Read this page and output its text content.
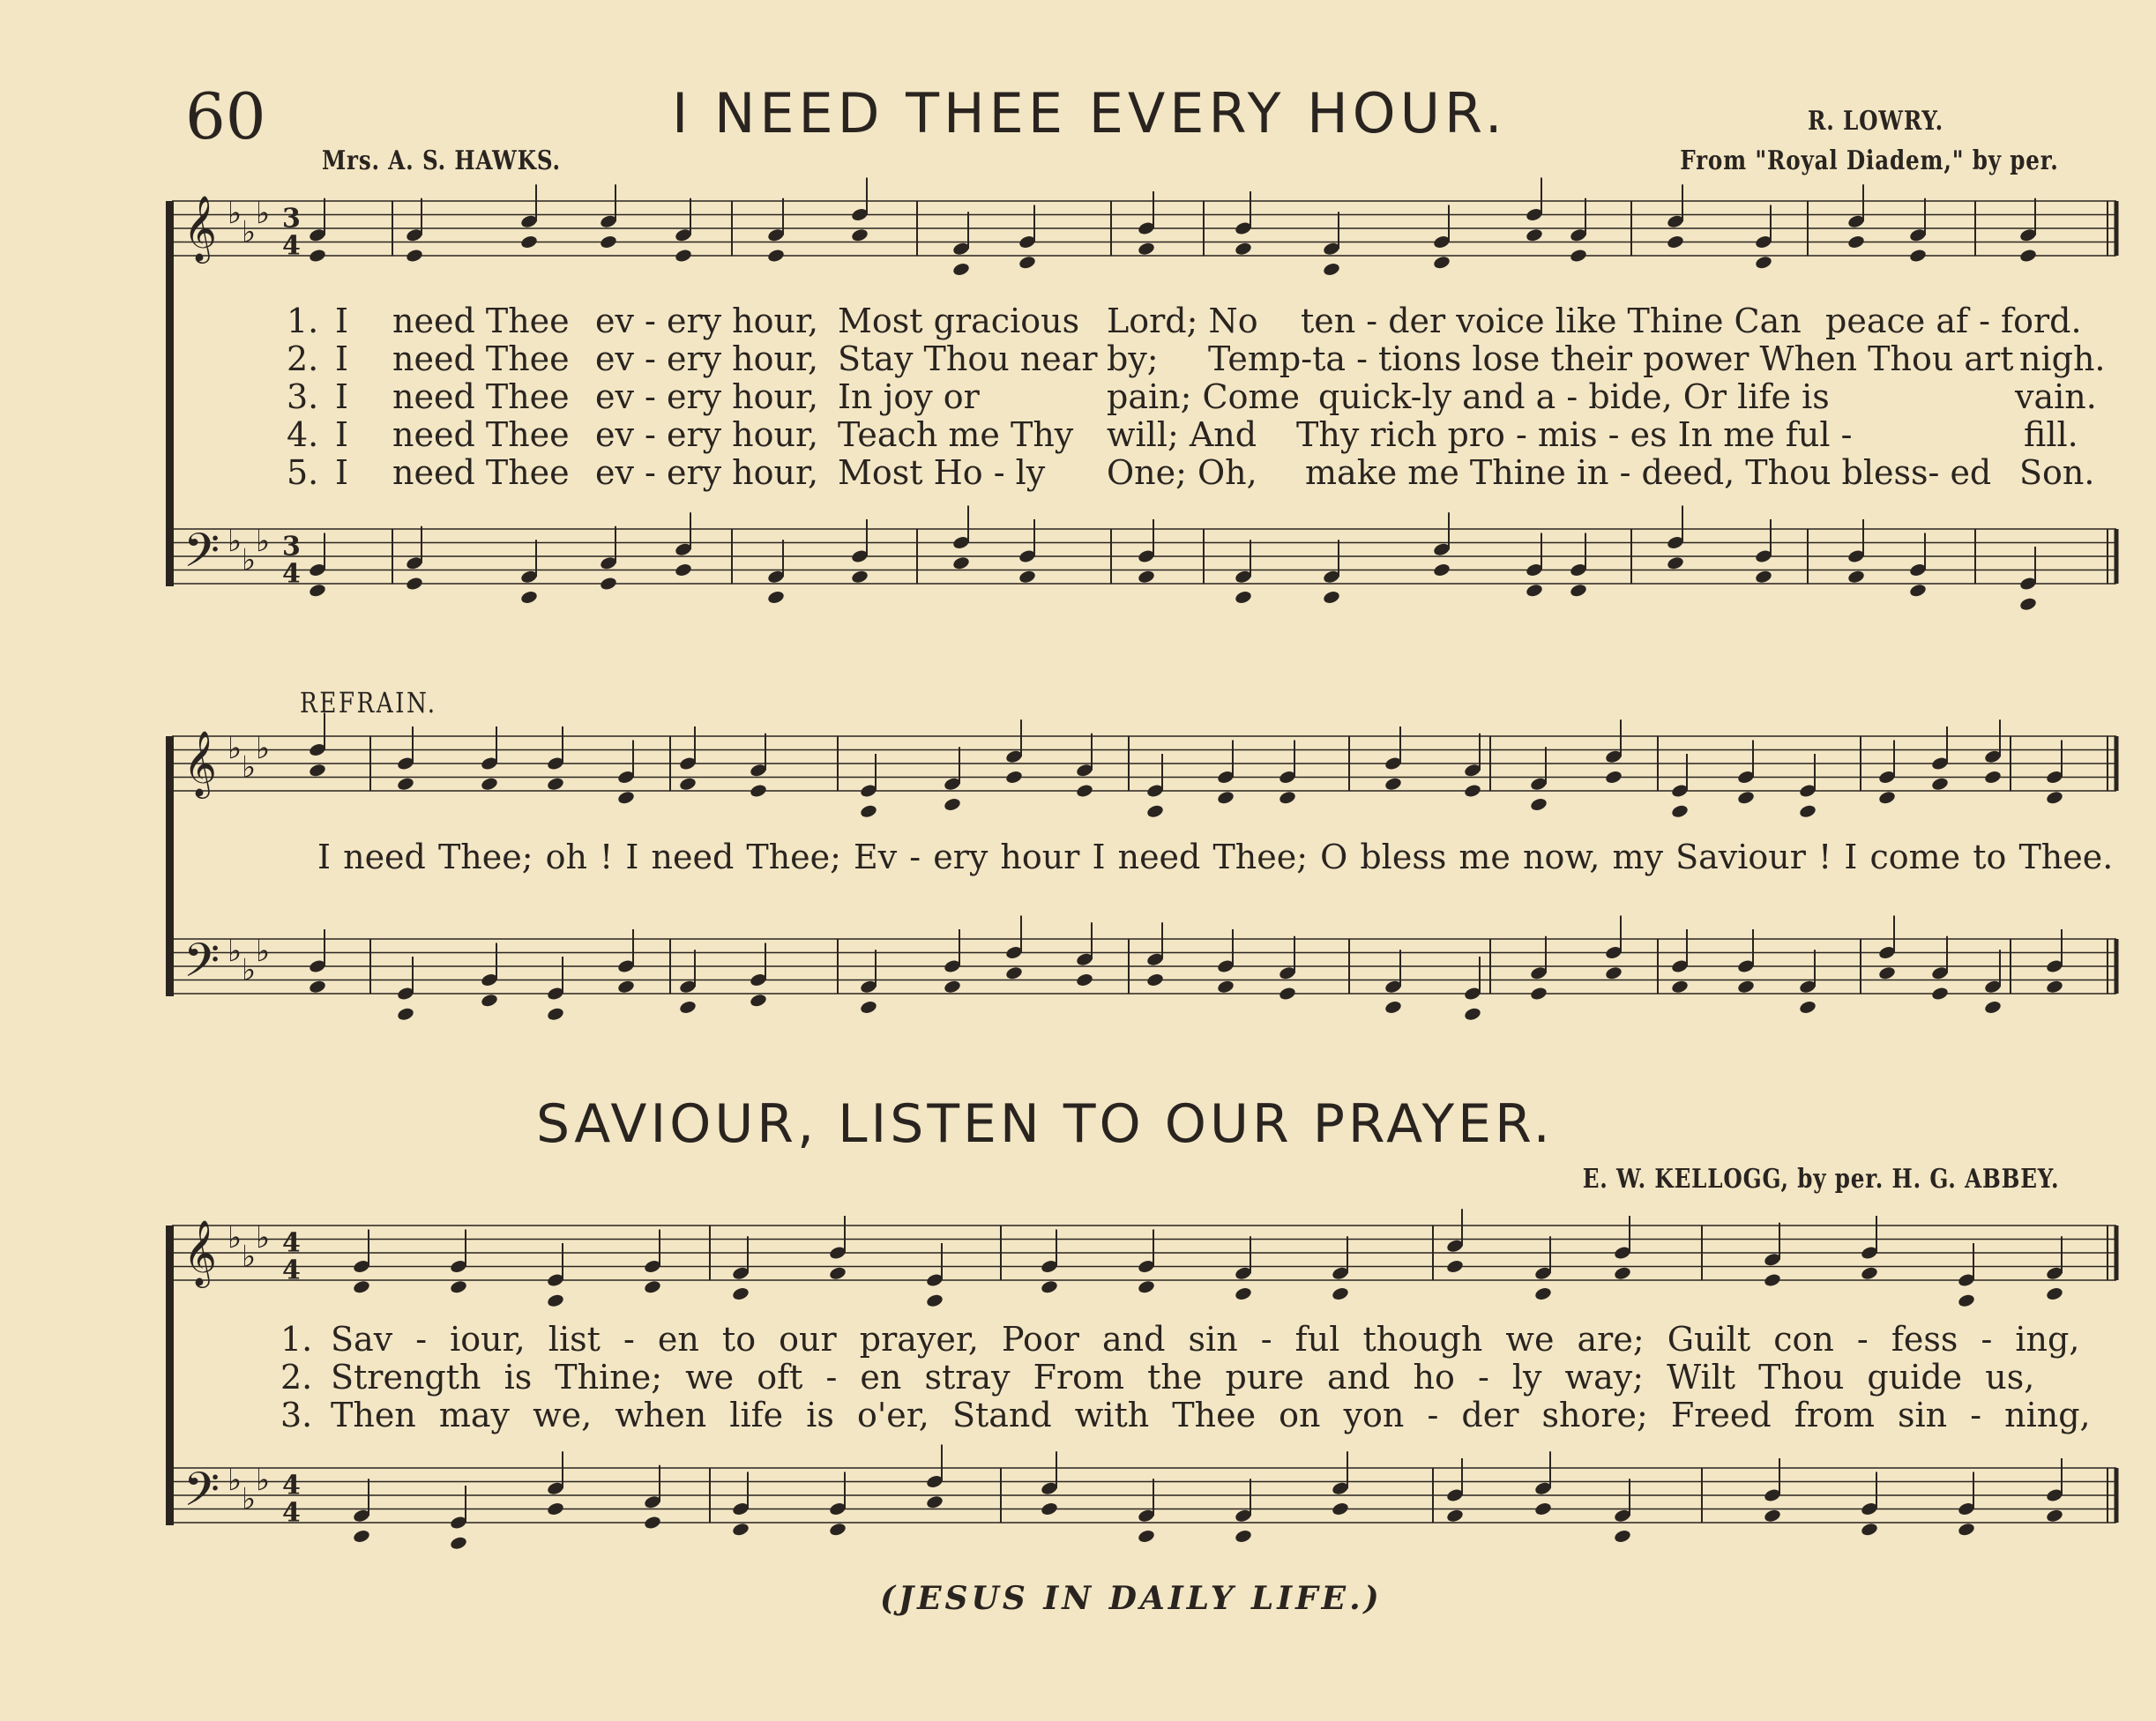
𝄞 ♭
♭
♭ 3
4
𝄢 ♭
♭
♭ 3
4
𝄞 ♭
♭
♭
𝄢 ♭
♭
♭
𝄞 ♭
♭
♭ 4
4
𝄢 ♭
♭
♭ 4
4
60	I NEED THEE EVERY HOUR.	R. LOWRY.
Mrs. A. S. HAWKS.	From "Royal Diadem," by per.
1. I need Thee ev - ery hour, Most gracious Lord; No ten - der voice like Thine Can peace af - ford.
2. I need Thee ev - ery hour, Stay Thou near by; Temp-ta - tions lose their power When Thou art nigh.
3. I need Thee ev - ery hour, In joy or	pain; Come quick-ly and a - bide, Or life is	vain.
4. I need Thee ev - ery hour, Teach me Thy will; And Thy rich pro - mis - es In me ful -	fill.
5. I need Thee ev - ery hour, Most Ho - ly One; Oh, make me Thine in - deed, Thou bless- ed Son.
REFRAIN.
I need Thee; oh ! I need Thee; Ev - ery hour I need Thee; O bless me now, my Saviour ! I come to Thee.
SAVIOUR, LISTEN TO OUR PRAYER.
E. W. KELLOGG, by per. H. G. ABBEY.
1. Sav - iour, list - en to our prayer, Poor and sin - ful though we are; Guilt con - fess - ing,
2. Strength is Thine; we oft - en stray From the pure and ho - ly way; Wilt Thou guide us,
3. Then may we, when life is o'er, Stand with Thee on yon - der shore; Freed from sin - ning,
(JESUS IN DAILY LIFE.)
